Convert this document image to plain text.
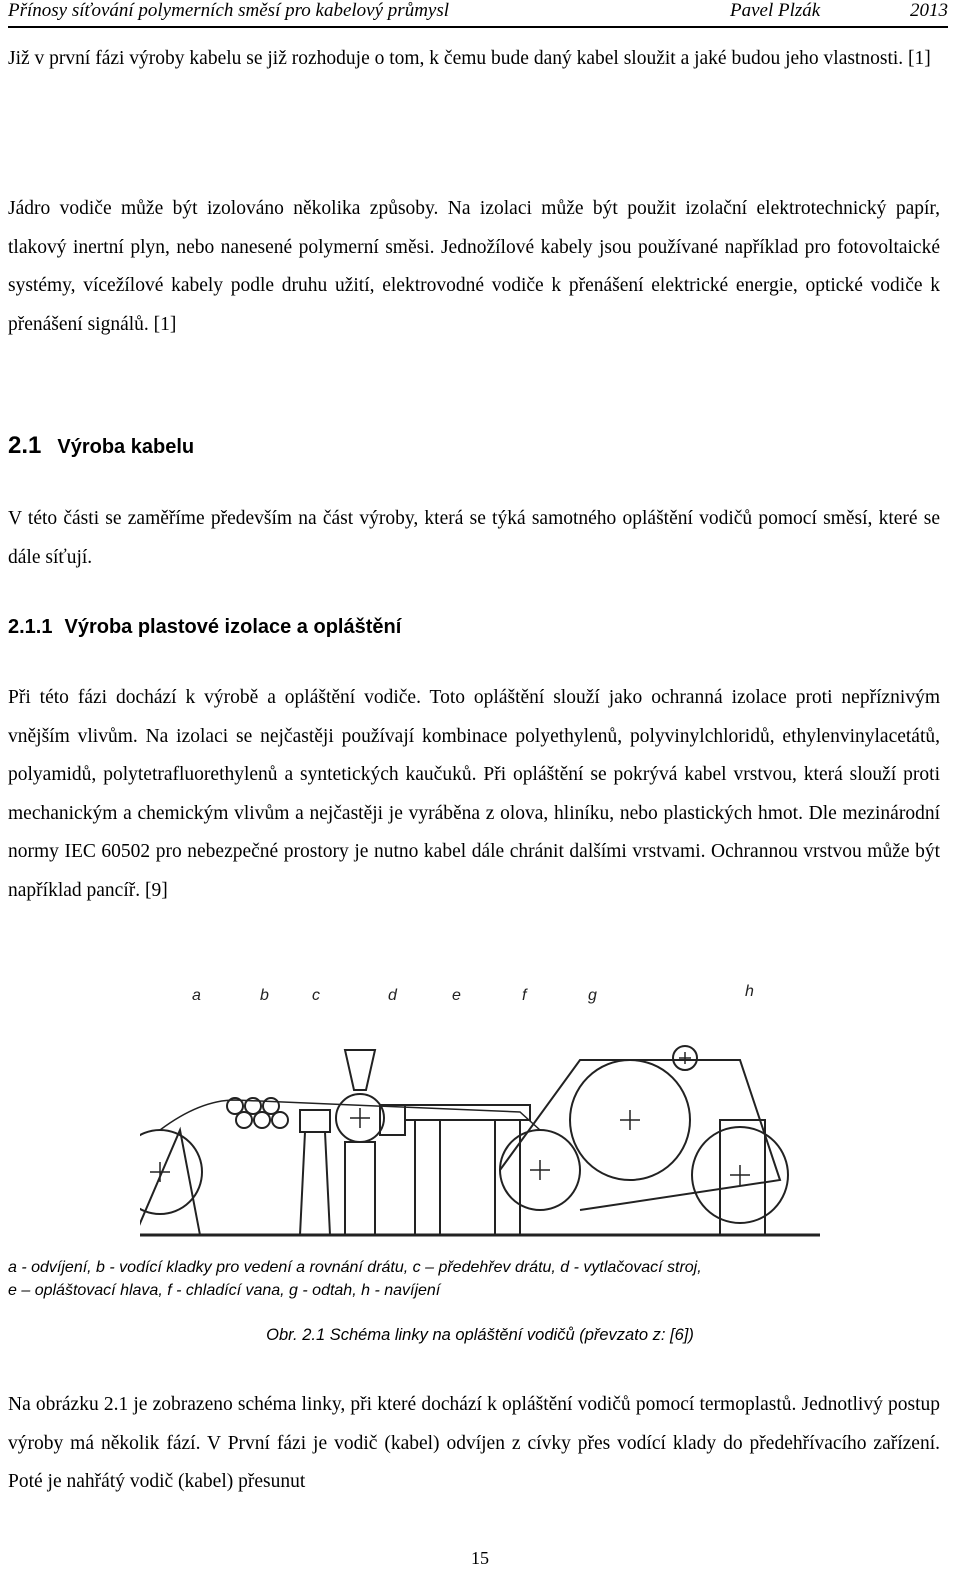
Přínosy síťování polymerních směsí pro kabelový průmysl	Pavel Plzák	2013

Již v první fázi výroby kabelu se již rozhoduje o tom, k čemu bude daný kabel sloužit a jaké budou jeho vlastnosti. [1]

Jádro vodiče může být izolováno několika způsoby. Na izolaci může být použit izolační elektrotechnický papír, tlakový inertní plyn, nebo nanesené polymerní směsi. Jednožílové kabely jsou používané například pro fotovoltaické systémy, vícežílové kabely podle druhu užití, elektrovodné vodiče k přenášení elektrické energie, optické vodiče k přenášení signálů. [1]

2.1 Výroba kabelu

V této části se zaměříme především na část výroby, která se týká samotného opláštění vodičů pomocí směsí, které se dále síťují.

2.1.1 Výroba plastové izolace a opláštění

Při této fázi dochází k výrobě a opláštění vodiče. Toto opláštění slouží jako ochranná izolace proti nepříznivým vnějším vlivům. Na izolaci se nejčastěji používají kombinace polyethylenů, polyvinylchloridů, ethylenvinylacetátů, polyamidů, polytetrafluorethylenů a syntetických kaučuků. Při opláštění se pokrývá kabel vrstvou, která slouží proti mechanickým a chemickým vlivům a nejčastěji je vyráběna z olova, hliníku, nebo plastických hmot. Dle mezinárodní normy IEC 60502 pro nebezpečné prostory je nutno kabel dále chránit dalšími vrstvami. Ochrannou vrstvou může být například pancíř. [9]

a	b	c	d	e	f	g	h
a - odvíjení, b - vodící kladky pro vedení a rovnání drátu, c – předehřev drátu, d - vytlačovací stroj,
e – opláštovací hlava, f - chladící vana, g - odtah, h - navíjení

Obr. 2.1 Schéma linky na opláštění vodičů (převzato z: [6])

Na obrázku 2.1 je zobrazeno schéma linky, při které dochází k opláštění vodičů pomocí termoplastů. Jednotlivý postup výroby má několik fází. V První fázi je vodič (kabel) odvíjen z cívky přes vodící klady do předehřívacího zařízení. Poté je nahřátý vodič (kabel) přesunut

15
